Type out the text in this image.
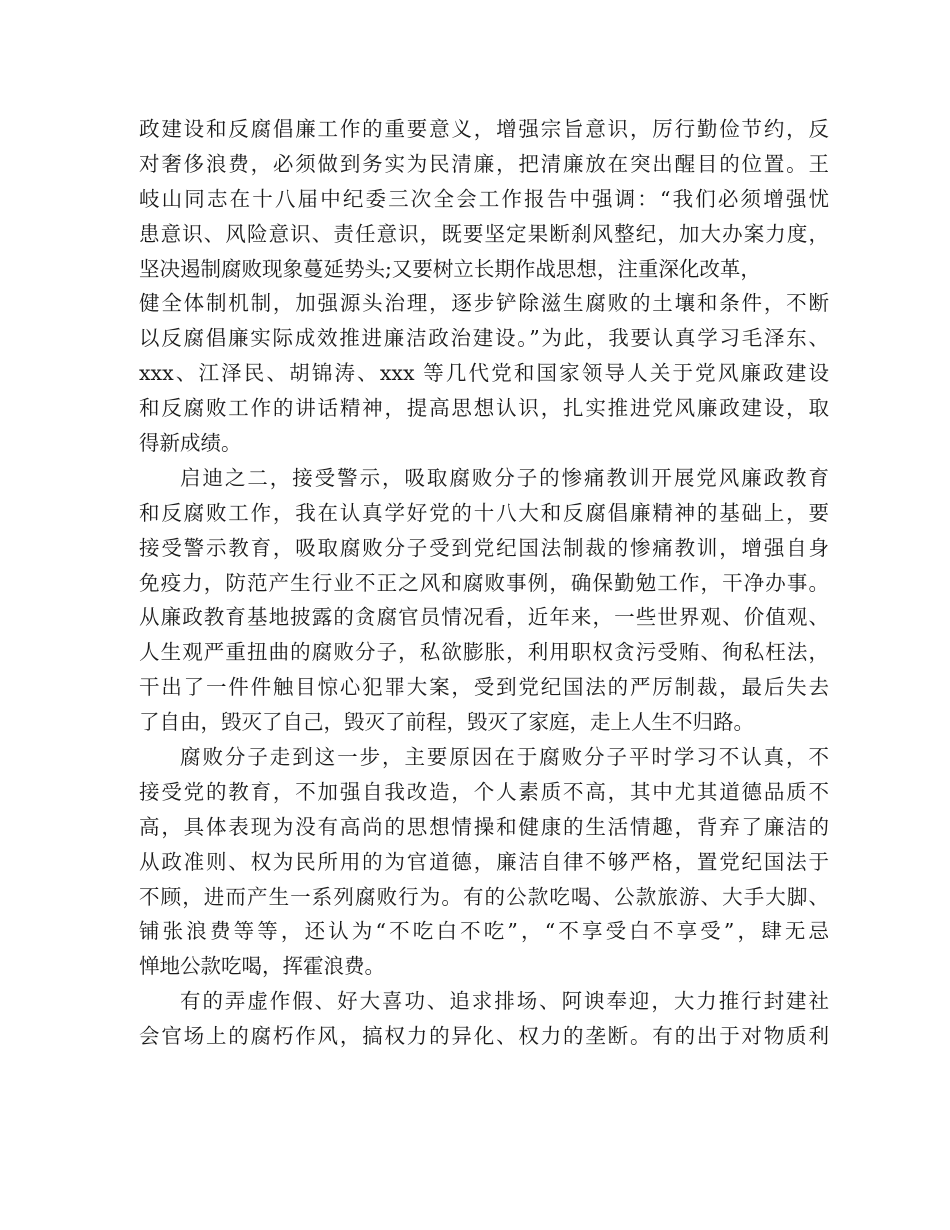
政建设和反腐倡廉工作的重要意义，增强宗旨意识，厉行勤俭节约，反
对奢侈浪费，必须做到务实为民清廉，把清廉放在突出醒目的位置。王
岐山同志在十八届中纪委三次全会工作报告中强调：“我们必须增强忧
患意识、风险意识、责任意识，既要坚定果断刹风整纪，加大办案力度，
坚决遏制腐败现象蔓延势头;又要树立长期作战思想，注重深化改革，
健全体制机制，加强源头治理，逐步铲除滋生腐败的土壤和条件，不断
以反腐倡廉实际成效推进廉洁政治建设。”为此，我要认真学习毛泽东、
xxx、江泽民、胡锦涛、xxx 等几代党和国家领导人关于党风廉政建设
和反腐败工作的讲话精神，提高思想认识，扎实推进党风廉政建设，取
得新成绩。
启迪之二，接受警示，吸取腐败分子的惨痛教训开展党风廉政教育
和反腐败工作，我在认真学好党的十八大和反腐倡廉精神的基础上，要
接受警示教育，吸取腐败分子受到党纪国法制裁的惨痛教训，增强自身
免疫力，防范产生行业不正之风和腐败事例，确保勤勉工作，干净办事。
从廉政教育基地披露的贪腐官员情况看，近年来，一些世界观、价值观、
人生观严重扭曲的腐败分子，私欲膨胀，利用职权贪污受贿、徇私枉法，
干出了一件件触目惊心犯罪大案，受到党纪国法的严厉制裁，最后失去
了自由，毁灭了自己，毁灭了前程，毁灭了家庭，走上人生不归路。
腐败分子走到这一步，主要原因在于腐败分子平时学习不认真，不
接受党的教育，不加强自我改造，个人素质不高，其中尤其道德品质不
高，具体表现为没有高尚的思想情操和健康的生活情趣，背弃了廉洁的
从政准则、权为民所用的为官道德，廉洁自律不够严格，置党纪国法于
不顾，进而产生一系列腐败行为。有的公款吃喝、公款旅游、大手大脚、
铺张浪费等等，还认为“不吃白不吃”，“不享受白不享受”，肆无忌
惮地公款吃喝，挥霍浪费。
有的弄虚作假、好大喜功、追求排场、阿谀奉迎，大力推行封建社
会官场上的腐朽作风，搞权力的异化、权力的垄断。有的出于对物质利
